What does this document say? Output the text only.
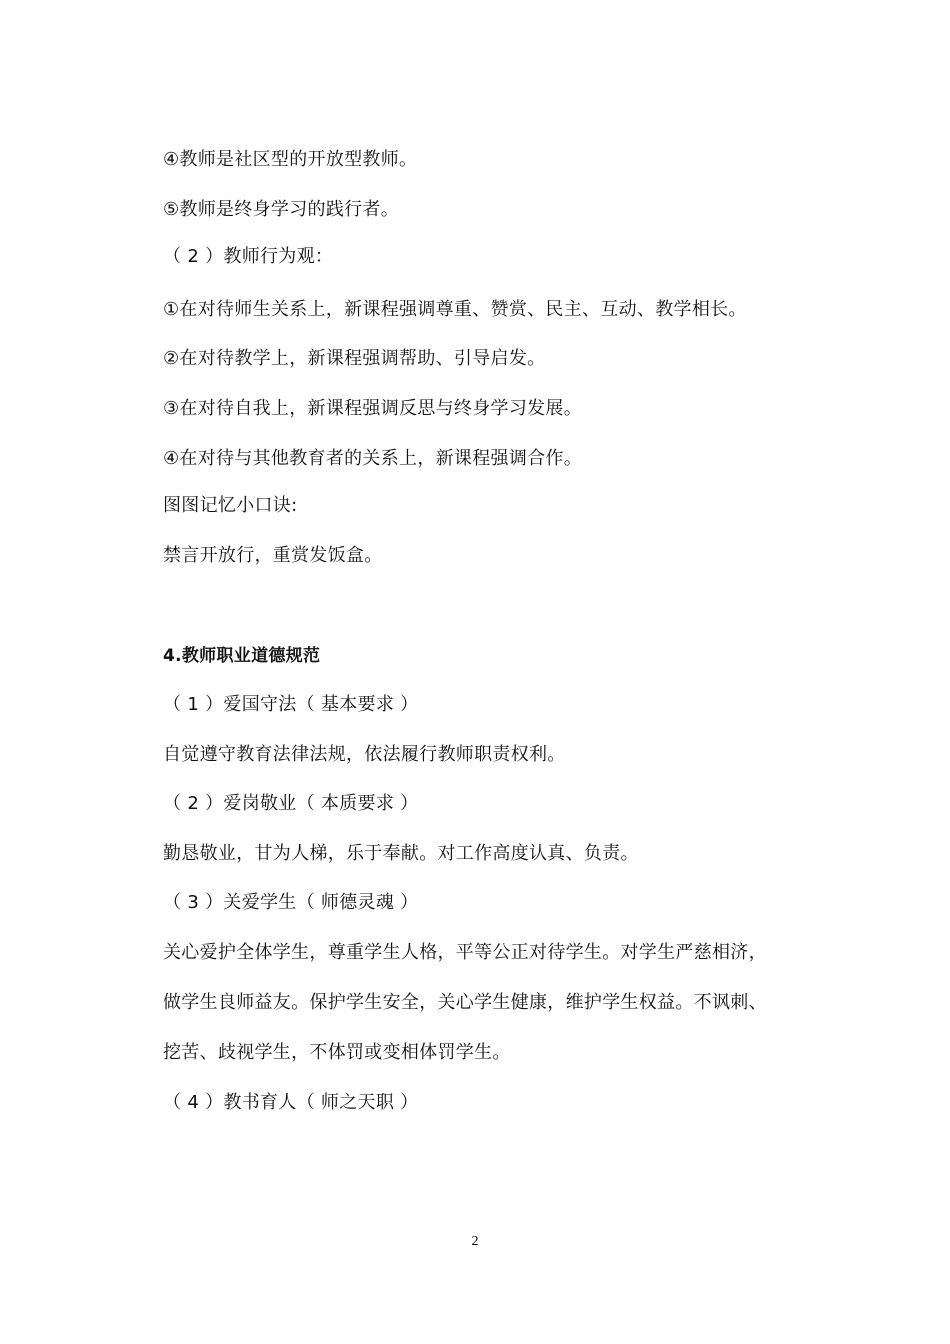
④教师是社区型的开放型教师。

⑤教师是终身学习的践行者。

（ 2 ）教师行为观：

①在对待师生关系上，新课程强调尊重、赞赏、民主、互动、教学相长。

②在对待教学上，新课程强调帮助、引导启发。

③在对待自我上，新课程强调反思与终身学习发展。

④在对待与其他教育者的关系上，新课程强调合作。

图图记忆小口诀:

禁言开放行，重赏发饭盒。

4.教师职业道德规范

（ 1 ）爱国守法（ 基本要求 ）

自觉遵守教育法律法规，依法履行教师职责权利。

（ 2 ）爱岗敬业（ 本质要求 ）

勤恳敬业，甘为人梯，乐于奉献。对工作高度认真、负责。

（ 3 ）关爱学生（ 师德灵魂 ）

关心爱护全体学生，尊重学生人格，平等公正对待学生。对学生严慈相济，

做学生良师益友。保护学生安全，关心学生健康，维护学生权益。不讽刺、

挖苦、歧视学生，不体罚或变相体罚学生。

（ 4 ）教书育人（ 师之天职 ）

2
